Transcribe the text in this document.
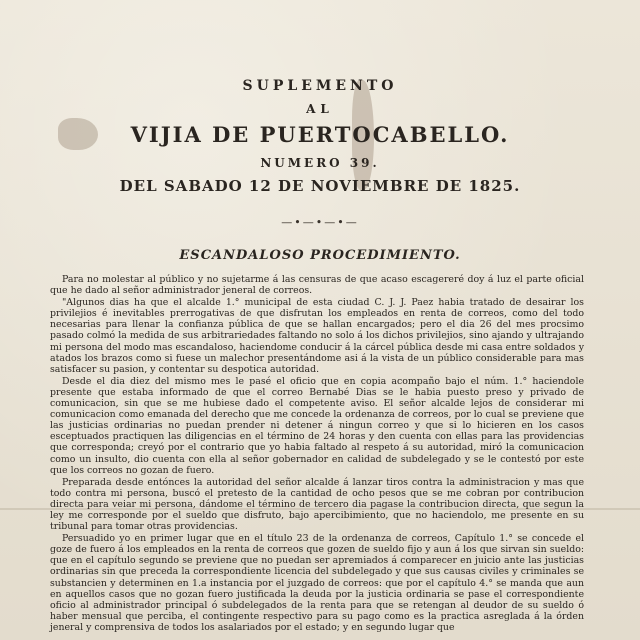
SUPLEMENTO
AL
VIJIA DE PUERTOCABELLO.
NUMERO 39.
DEL SABADO 12 DE NOVIEMBRE DE 1825.
—•—•—•—
ESCANDALOSO PROCEDIMIENTO.

Para no molestar al público y no sujetarme á las censuras de que acaso escagereré doy á luz el parte oficial que he dado al señor administrador jeneral de correos.

"Algunos dias ha que el alcalde 1.° municipal de esta ciudad C. J. J. Paez habia tratado de desairar los privilejios é inevitables prerrogativas de que disfrutan los empleados en renta de correos, como del todo necesarias para llenar la confianza pública de que se hallan encargados; pero el dia 26 del mes procsimo pasado colmó la medida de sus arbitrariedades faltando no solo á los dichos privilejios, sino ajando y ultrajando mi persona del modo mas escandaloso, haciendome conducir á la cárcel pública desde mi casa entre soldados y atados los brazos como si fuese un malechor presentándome asi á la vista de un público considerable para mas satisfacer su pasion, y contentar su despotica autoridad.

Desde el dia diez del mismo mes le pasé el oficio que en copia acompaño bajo el núm. 1.° haciendole presente que estaba informado de que el correo Bernabé Dias se le habia puesto preso y privado de comunicacion, sin que se me hubiese dado el competente aviso. El señor alcalde lejos de considerar mi comunicacion como emanada del derecho que me concede la ordenanza de correos, por lo cual se previene que las justicias ordinarias no puedan prender ni detener á ningun correo y que si lo hicieren en los casos esceptuados practiquen las diligencias en el término de 24 horas y den cuenta con ellas para las providencias que corresponda; creyó por el contrario que yo habia faltado al respeto á su autoridad, miró la comunicacion como un insulto, dio cuenta con ella al señor gobernador en calidad de subdelegado y se le contestó por este que los correos no gozan de fuero.

Preparada desde entónces la autoridad del señor alcalde á lanzar tiros contra la administracion y mas que todo contra mi persona, buscó el pretesto de la cantidad de ocho pesos que se me cobran por contribucion directa para veiar mi persona, dándome el término de tercero dia pagase la contribucion directa, que segun la ley me corresponde por el sueldo que disfruto, bajo apercibimiento, que no haciendolo, me presente en su tribunal para tomar otras providencias.

Persuadido yo en primer lugar que en el título 23 de la ordenanza de correos, Capítulo 1.° se concede el goze de fuero á los empleados en la renta de correos que gozen de sueldo fijo y aun á los que sirvan sin sueldo: que en el capítulo segundo se previene que no puedan ser apremiados á comparecer en juicio ante las justicias ordinarias sin que preceda la correspondiente licencia del subdelegado y que sus causas civiles y criminales se substancien y determinen en 1.a instancia por el juzgado de correos: que por el capítulo 4.° se manda que aun en aquellos casos que no gozan fuero justificada la deuda por la justicia ordinaria se pase el correspondiente oficio al administrador principal ó subdelegados de la renta para que se retengan al deudor de su sueldo ó haber mensual que perciba, el contingente respectivo para su pago como es la practica asreglada á la órden jeneral y comprensiva de todos los asalariados por el estado; y en segundo lugar que
